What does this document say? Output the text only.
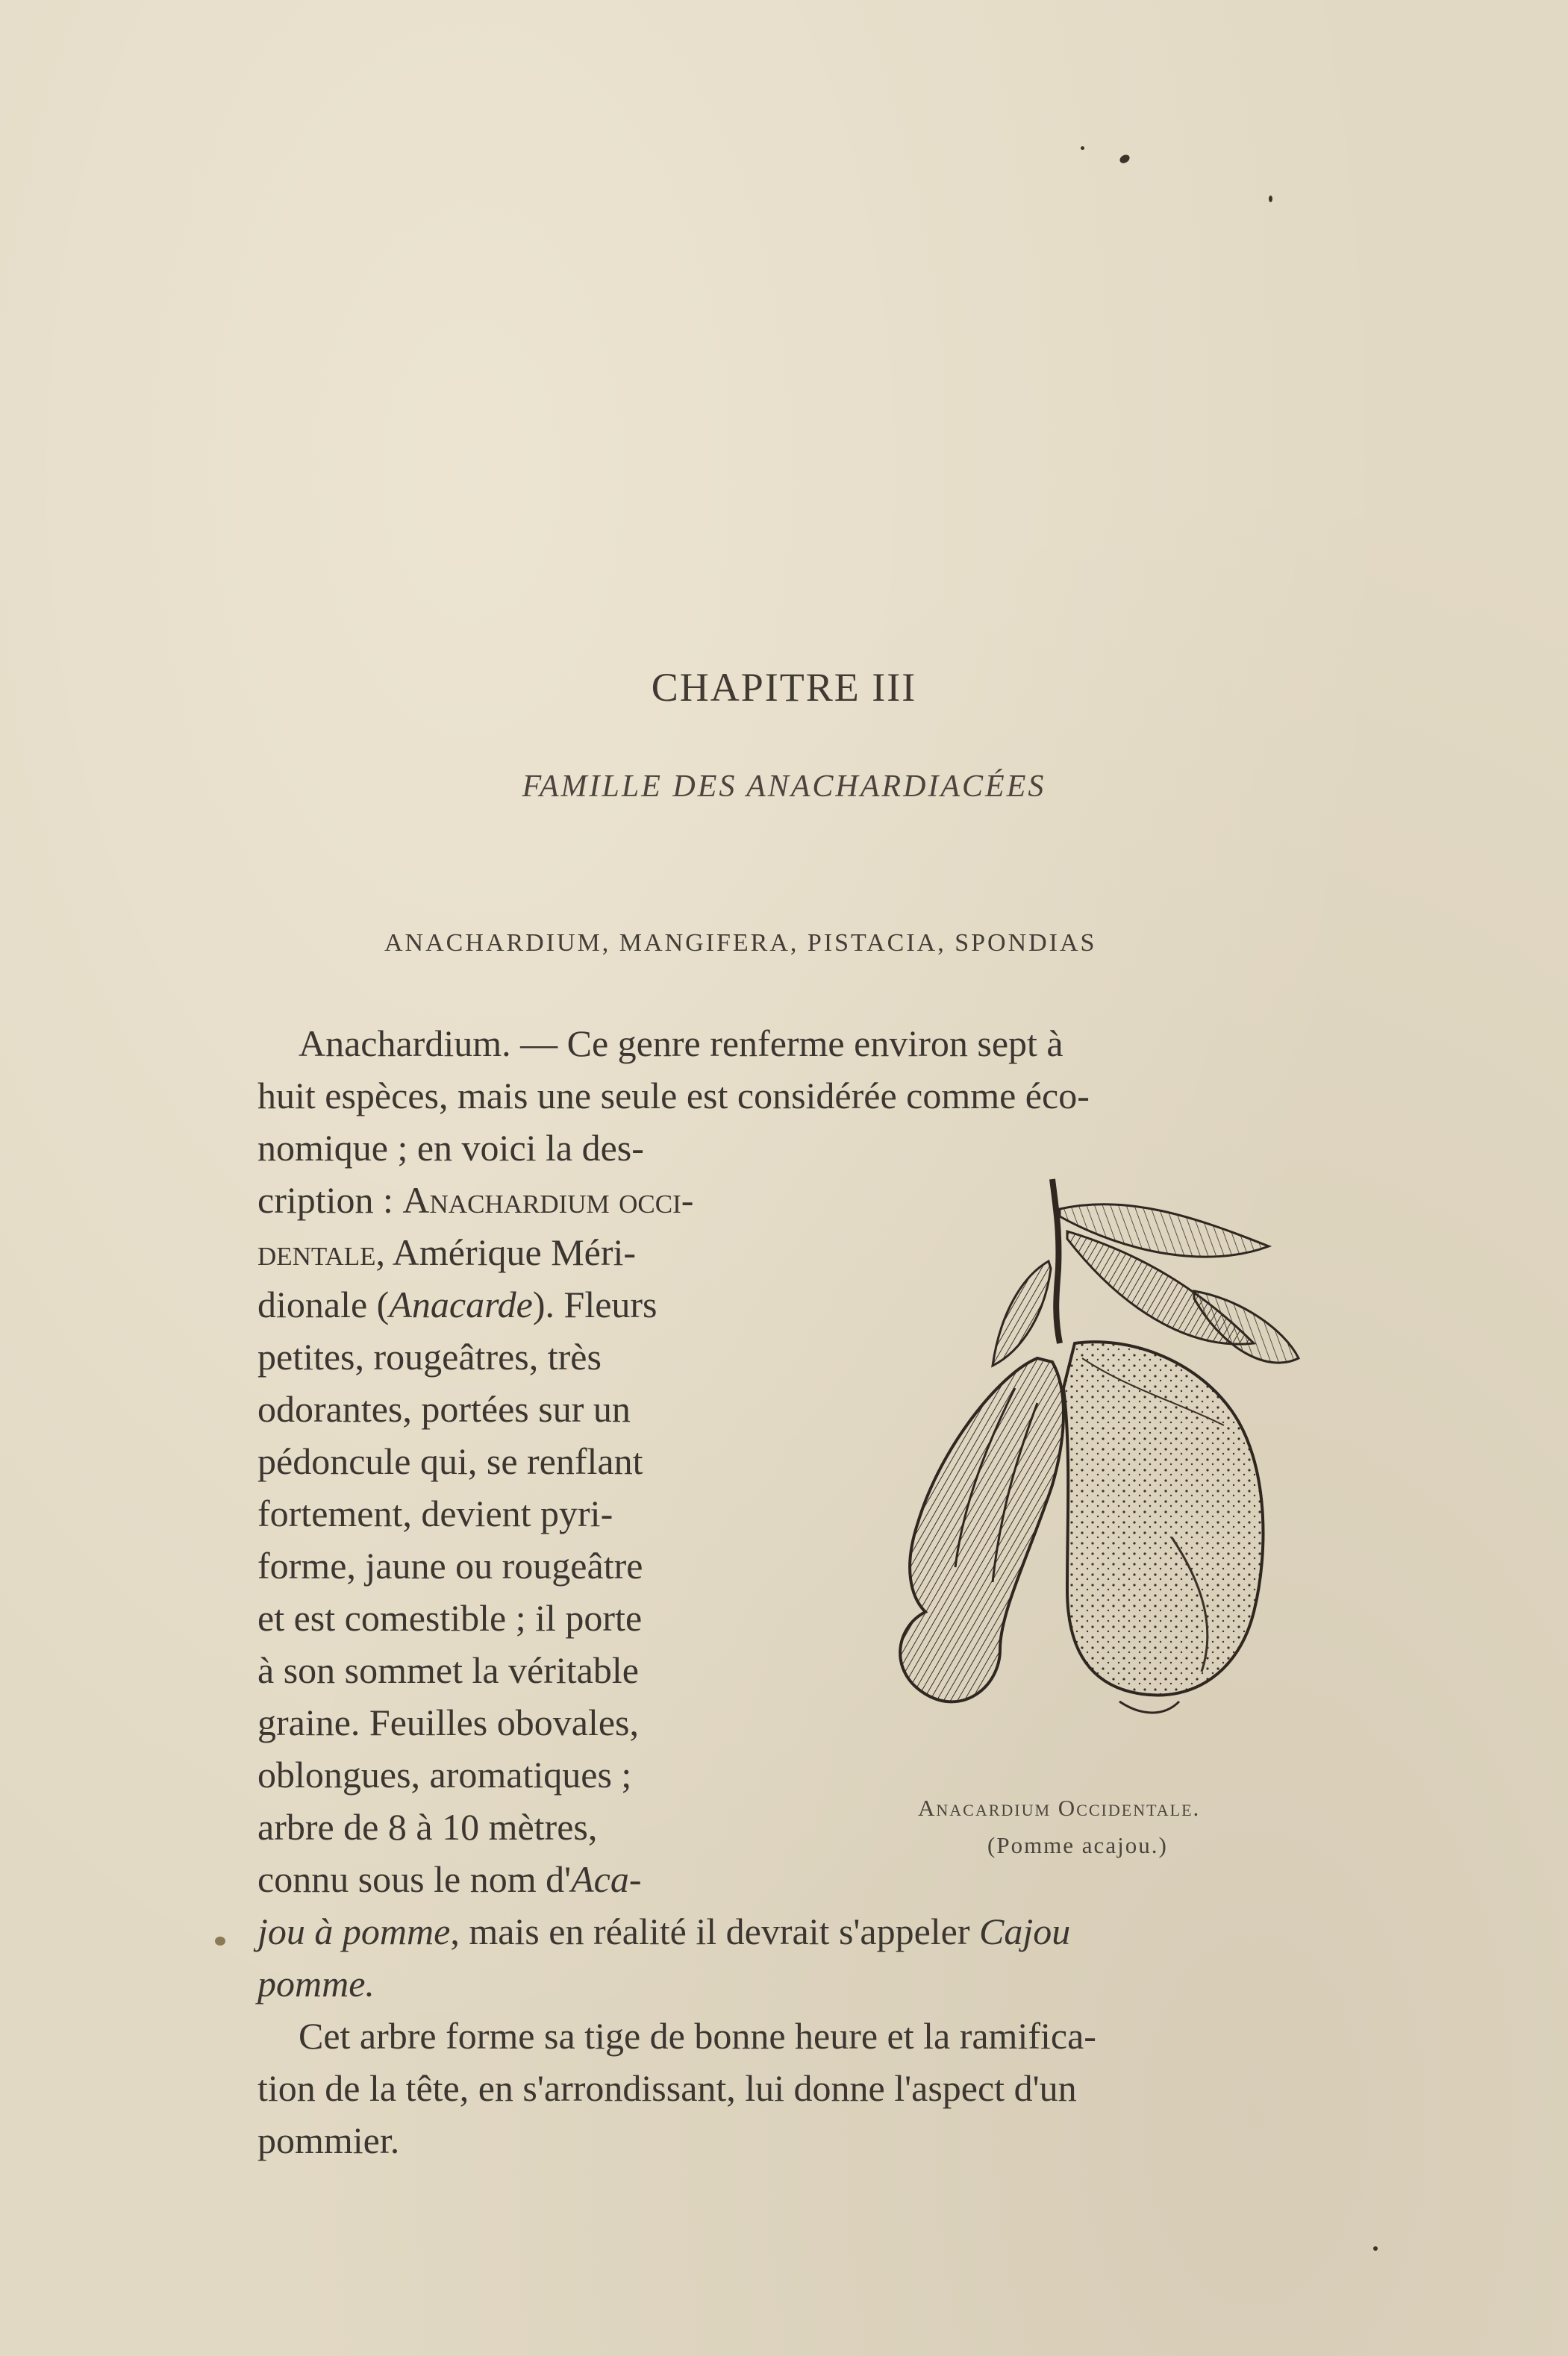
CHAPITRE III
FAMILLE DES ANACHARDIACÉES
ANACHARDIUM, MANGIFERA, PISTACIA, SPONDIAS
Anachardium. — Ce genre renferme environ sept à
huit espèces, mais une seule est considérée comme éco-
nomique ; en voici la des-
cription : Anachardium occi-
dentale, Amérique Méri-
dionale (Anacarde). Fleurs
petites, rougeâtres, très
odorantes, portées sur un
pédoncule qui, se renflant
fortement, devient pyri-
forme, jaune ou rougeâtre
et est comestible ; il porte
à son sommet la véritable
graine. Feuilles obovales,
oblongues, aromatiques ;
arbre de 8 à 10 mètres,
connu sous le nom d'Aca-
jou à pomme, mais en réalité il devrait s'appeler Cajou
pomme.
Cet arbre forme sa tige de bonne heure et la ramifica-
tion de la tête, en s'arrondissant, lui donne l'aspect d'un
pommier.
Anacardium Occidentale.
(Pomme acajou.)
